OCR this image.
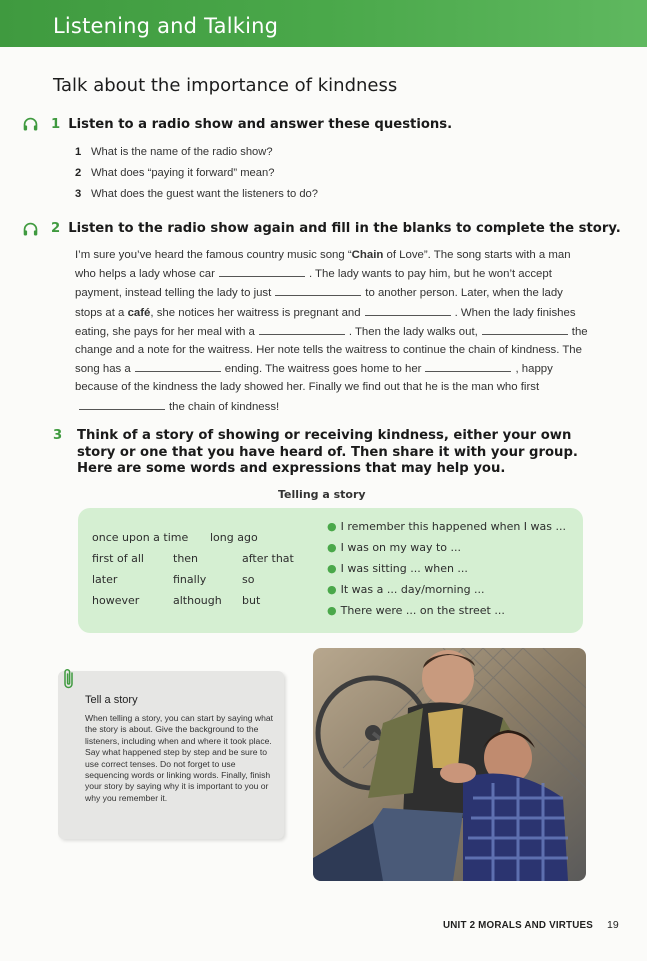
Listening and Talking
Talk about the importance of kindness
1 Listen to a radio show and answer these questions.
1 What is the name of the radio show?
2 What does “paying it forward” mean?
3 What does the guest want the listeners to do?
2 Listen to the radio show again and fill in the blanks to complete the story.
I’m sure you’ve heard the famous country music song “Chain of Love”. The song starts with a man who helps a lady whose car	. The lady wants to pay him, but he won’t accept payment, instead telling the lady to just	to another person. Later, when the lady stops at a café, she notices her waitress is pregnant and	. When the lady finishes eating, she pays for her meal with a	. Then the lady walks out,	the change and a note for the waitress. Her note tells the waitress to continue the chain of kindness. The song has a	ending. The waitress goes home to her	, happy because of the kindness the lady showed her. Finally we find out that he is the man who firstthe chain of kindness!
3 Think of a story of showing or receiving kindness, either your own story or one that you have heard of. Then share it with your group. Here are some words and expressions that may help you.
Telling a story
once upon a time long ago
first of all	then	after that
later	finally	so
however	although but
● I remember this happened when I was ...
● I was on my way to ...
● I was sitting ... when ...
● It was a ... day/morning ...
● There were ... on the street ...
Tell a story
When telling a story, you can start by saying what the story is about. Give the background to the listeners, including when and where it took place. Say what happened step by step and be sure to use correct tenses. Do not forget to use sequencing words or linking words. Finally, finish your story by saying why it is important to you or why you remember it.
UNIT 2 MORALS AND VIRTUES 19
